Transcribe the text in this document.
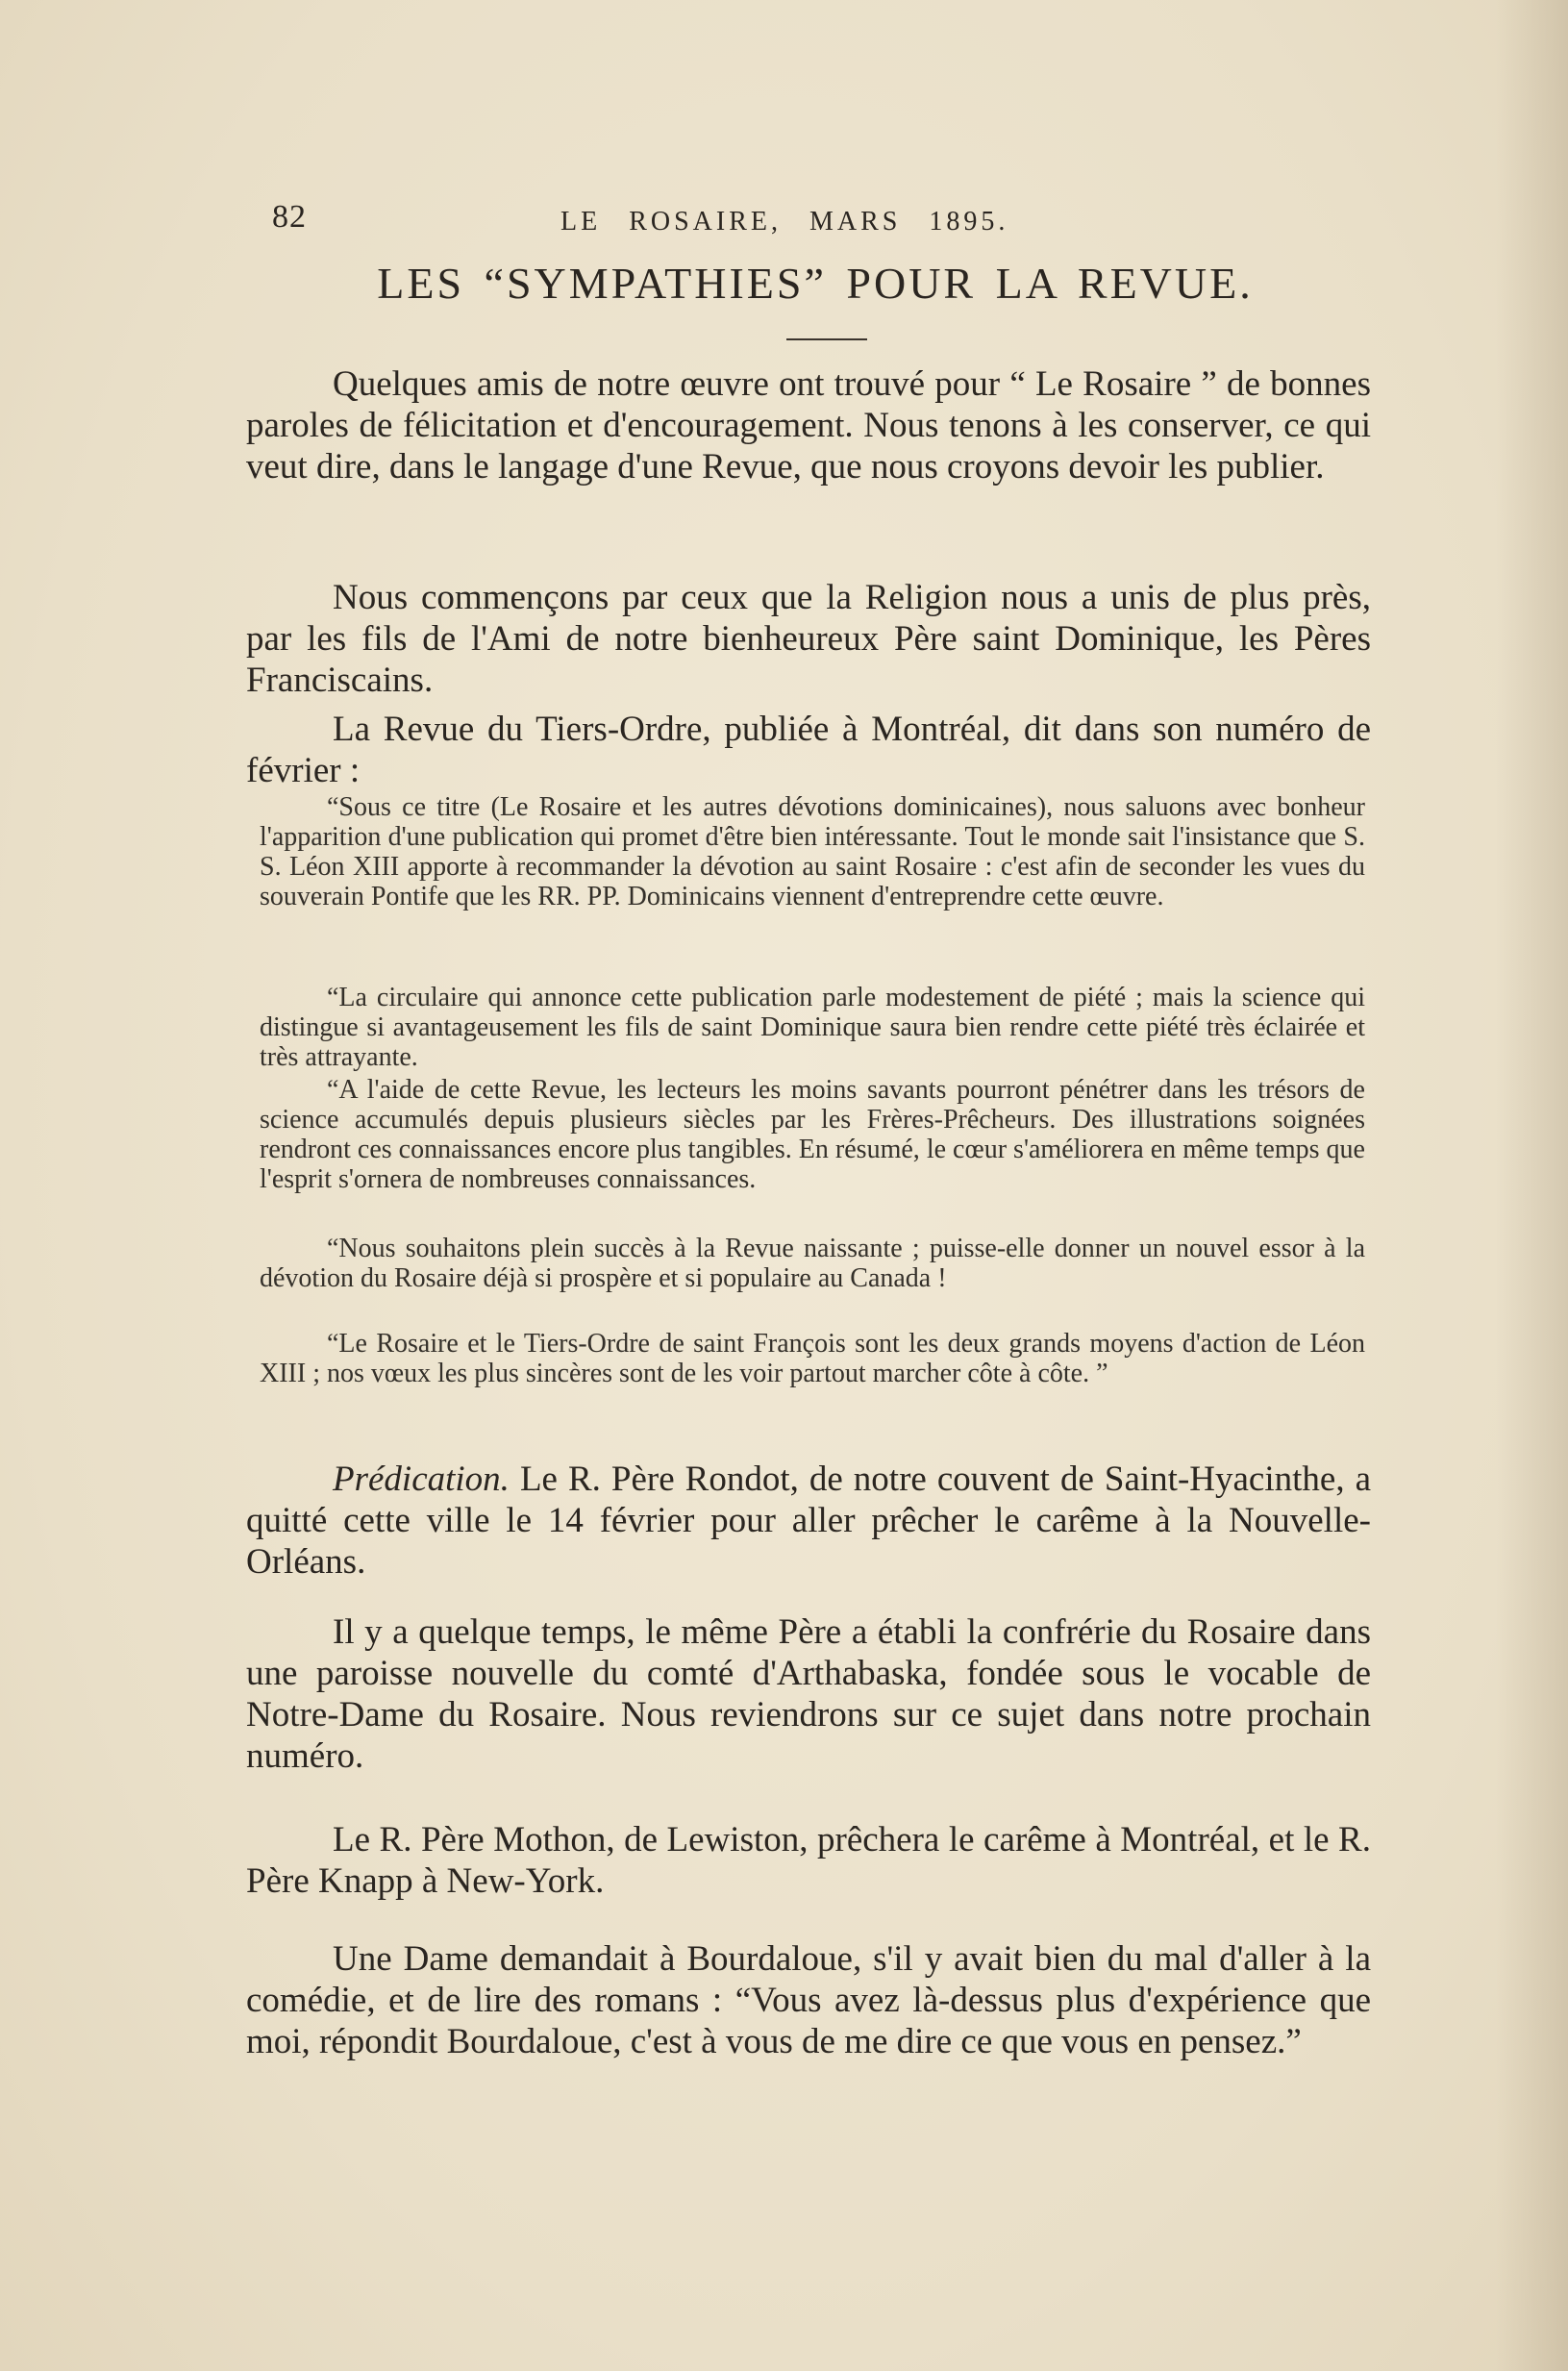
82	LE ROSAIRE, MARS 1895.
LES “SYMPATHIES” POUR LA REVUE.

Quelques amis de notre œuvre ont trouvé pour “ Le Rosaire ” de bonnes paroles de félicitation et d'encouragement. Nous tenons à les conserver, ce qui veut dire, dans le langage d'une Revue, que nous croyons devoir les publier.

Nous commençons par ceux que la Religion nous a unis de plus près, par les fils de l'Ami de notre bienheureux Père saint Dominique, les Pères Franciscains.

La Revue du Tiers-Ordre, publiée à Montréal, dit dans son numéro de février :

“Sous ce titre (Le Rosaire et les autres dévotions dominicaines), nous saluons avec bonheur l'apparition d'une publication qui promet d'être bien intéressante. Tout le monde sait l'insistance que S. S. Léon XIII apporte à recommander la dévotion au saint Rosaire : c'est afin de seconder les vues du souverain Pontife que les RR. PP. Dominicains viennent d'entreprendre cette œuvre.

“La circulaire qui annonce cette publication parle modestement de piété ; mais la science qui distingue si avantageusement les fils de saint Dominique saura bien rendre cette piété très éclairée et très attrayante.

“A l'aide de cette Revue, les lecteurs les moins savants pourront pénétrer dans les trésors de science accumulés depuis plusieurs siècles par les Frères-Prêcheurs. Des illustrations soignées rendront ces connaissances encore plus tangibles. En résumé, le cœur s'améliorera en même temps que l'esprit s'ornera de nombreuses connaissances.

“Nous souhaitons plein succès à la Revue naissante ; puisse-elle donner un nouvel essor à la dévotion du Rosaire déjà si prospère et si populaire au Canada !

“Le Rosaire et le Tiers-Ordre de saint François sont les deux grands moyens d'action de Léon XIII ; nos vœux les plus sincères sont de les voir partout marcher côte à côte. ”

Prédication. Le R. Père Rondot, de notre couvent de Saint-Hyacinthe, a quitté cette ville le 14 février pour aller prêcher le carême à la Nouvelle-Orléans.

Il y a quelque temps, le même Père a établi la confrérie du Rosaire dans une paroisse nouvelle du comté d'Arthabaska, fondée sous le vocable de Notre-Dame du Rosaire. Nous reviendrons sur ce sujet dans notre prochain numéro.

Le R. Père Mothon, de Lewiston, prêchera le carême à Montréal, et le R. Père Knapp à New-York.

Une Dame demandait à Bourdaloue, s'il y avait bien du mal d'aller à la comédie, et de lire des romans : “Vous avez là-dessus plus d'expérience que moi, répondit Bourdaloue, c'est à vous de me dire ce que vous en pensez.”
